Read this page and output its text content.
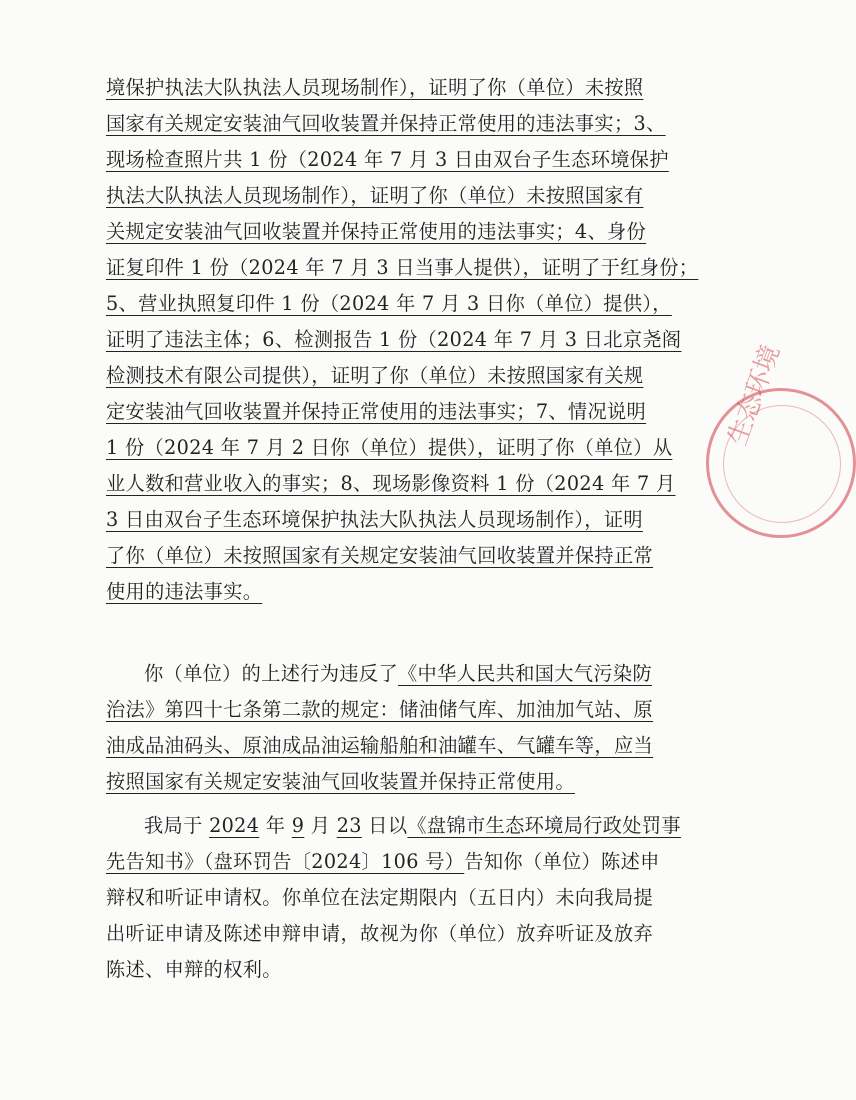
境保护执法大队执法人员现场制作），证明了你（单位）未按照

国家有关规定安装油气回收装置并保持正常使用的违法事实；3、

现场检查照片共 1 份（2024 年 7 月 3 日由双台子生态环境保护

执法大队执法人员现场制作），证明了你（单位）未按照国家有

关规定安装油气回收装置并保持正常使用的违法事实；4、身份

证复印件 1 份（2024 年 7 月 3 日当事人提供），证明了于红身份；

5、营业执照复印件 1 份（2024 年 7 月 3 日你（单位）提供），

证明了违法主体；6、检测报告 1 份（2024 年 7 月 3 日北京尧阁

检测技术有限公司提供），证明了你（单位）未按照国家有关规

定安装油气回收装置并保持正常使用的违法事实；7、情况说明

1 份（2024 年 7 月 2 日你（单位）提供），证明了你（单位）从

业人数和营业收入的事实；8、现场影像资料 1 份（2024 年 7 月

3 日由双台子生态环境保护执法大队执法人员现场制作），证明

了你（单位）未按照国家有关规定安装油气回收装置并保持正常

使用的违法事实。

你（单位）的上述行为违反了《中华人民共和国大气污染防

治法》第四十七条第二款的规定：储油储气库、加油加气站、原

油成品油码头、原油成品油运输船舶和油罐车、气罐车等，应当

按照国家有关规定安装油气回收装置并保持正常使用。

我局于 2024 年 9 月 23 日以《盘锦市生态环境局行政处罚事

先告知书》（盘环罚告〔2024〕106 号）告知你（单位）陈述申

辩权和听证申请权。你单位在法定期限内（五日内）未向我局提

出听证申请及陈述申辩申请，故视为你（单位）放弃听证及放弃

陈述、申辩的权利。

生态环境
